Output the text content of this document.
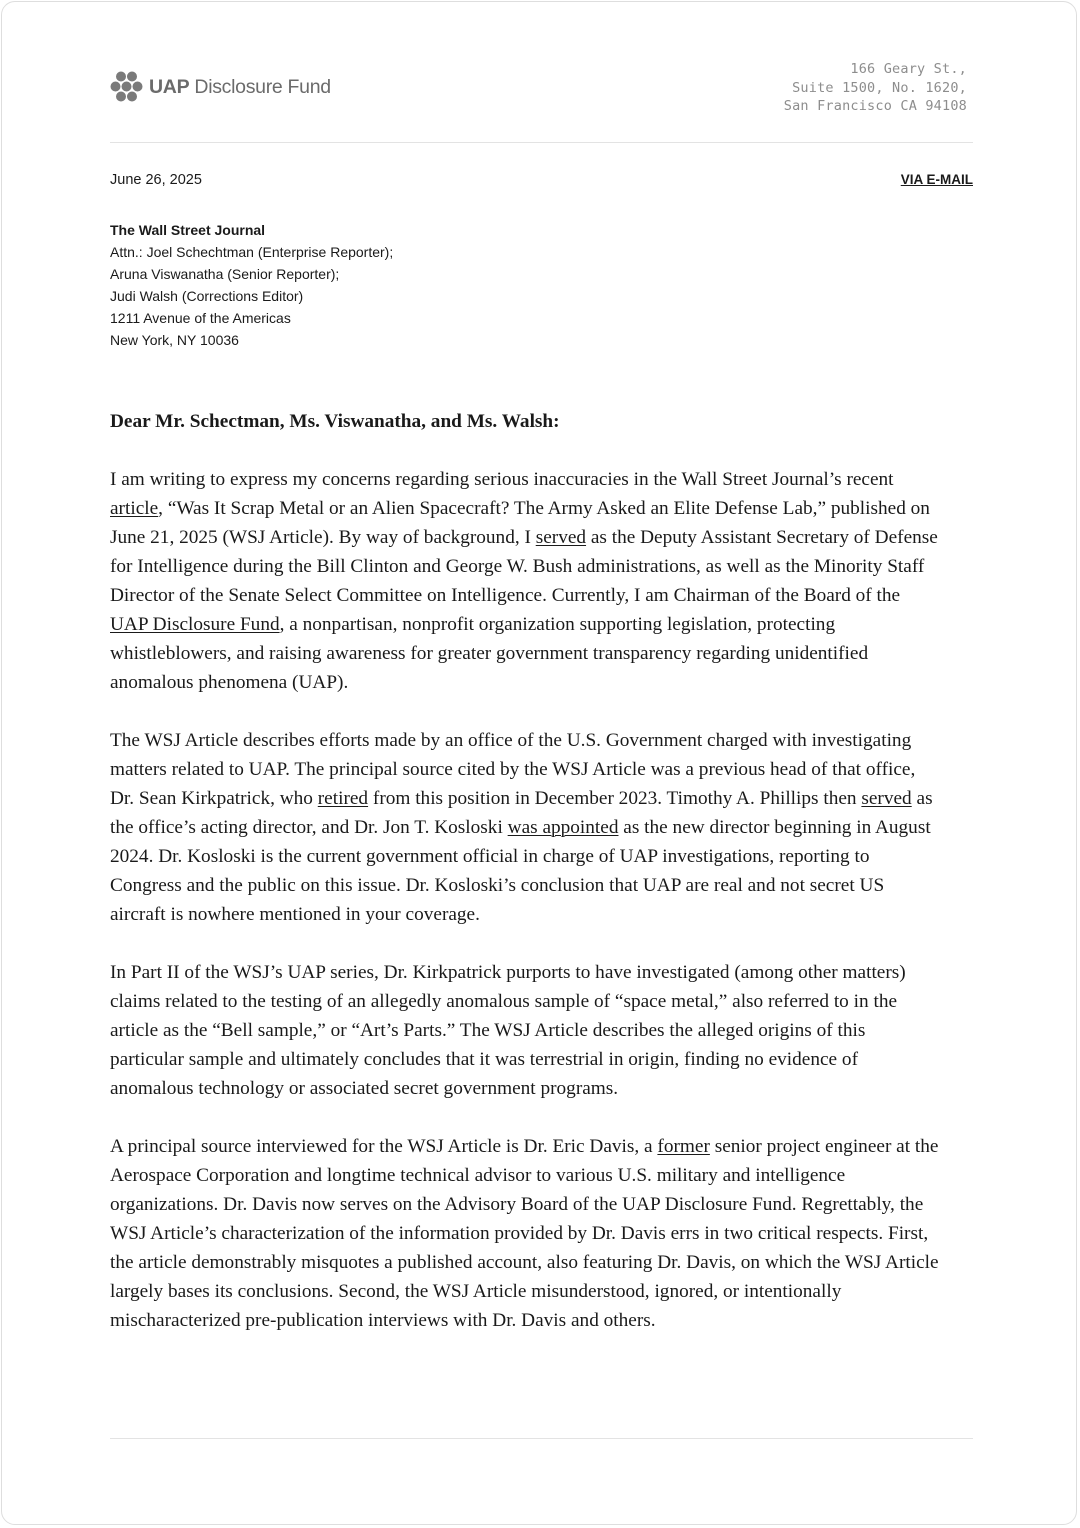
UAP Disclosure Fund
166 Geary St.,
Suite 1500, No. 1620,
San Francisco CA 94108
June 26, 2025	VIA E-MAIL
The Wall Street Journal
Attn.: Joel Schechtman (Enterprise Reporter);
Aruna Viswanatha (Senior Reporter);
Judi Walsh (Corrections Editor)
1211 Avenue of the Americas
New York, NY 10036
Dear Mr. Schectman, Ms. Viswanatha, and Ms. Walsh:
I am writing to express my concerns regarding serious inaccuracies in the Wall Street Journal’s recent
article, “Was It Scrap Metal or an Alien Spacecraft? The Army Asked an Elite Defense Lab,” published on
June 21, 2025 (WSJ Article). By way of background, I served as the Deputy Assistant Secretary of Defense
for Intelligence during the Bill Clinton and George W. Bush administrations, as well as the Minority Staff
Director of the Senate Select Committee on Intelligence. Currently, I am Chairman of the Board of the
UAP Disclosure Fund, a nonpartisan, nonprofit organization supporting legislation, protecting
whistleblowers, and raising awareness for greater government transparency regarding unidentified
anomalous phenomena (UAP).
The WSJ Article describes efforts made by an office of the U.S. Government charged with investigating
matters related to UAP. The principal source cited by the WSJ Article was a previous head of that office,
Dr. Sean Kirkpatrick, who retired from this position in December 2023. Timothy A. Phillips then served as
the office’s acting director, and Dr. Jon T. Kosloski was appointed as the new director beginning in August
2024. Dr. Kosloski is the current government official in charge of UAP investigations, reporting to
Congress and the public on this issue. Dr. Kosloski’s conclusion that UAP are real and not secret US
aircraft is nowhere mentioned in your coverage.
In Part II of the WSJ’s UAP series, Dr. Kirkpatrick purports to have investigated (among other matters)
claims related to the testing of an allegedly anomalous sample of “space metal,” also referred to in the
article as the “Bell sample,” or “Art’s Parts.” The WSJ Article describes the alleged origins of this
particular sample and ultimately concludes that it was terrestrial in origin, finding no evidence of
anomalous technology or associated secret government programs.
A principal source interviewed for the WSJ Article is Dr. Eric Davis, a former senior project engineer at the
Aerospace Corporation and longtime technical advisor to various U.S. military and intelligence
organizations. Dr. Davis now serves on the Advisory Board of the UAP Disclosure Fund. Regrettably, the
WSJ Article’s characterization of the information provided by Dr. Davis errs in two critical respects. First,
the article demonstrably misquotes a published account, also featuring Dr. Davis, on which the WSJ Article
largely bases its conclusions. Second, the WSJ Article misunderstood, ignored, or intentionally
mischaracterized pre-publication interviews with Dr. Davis and others.
